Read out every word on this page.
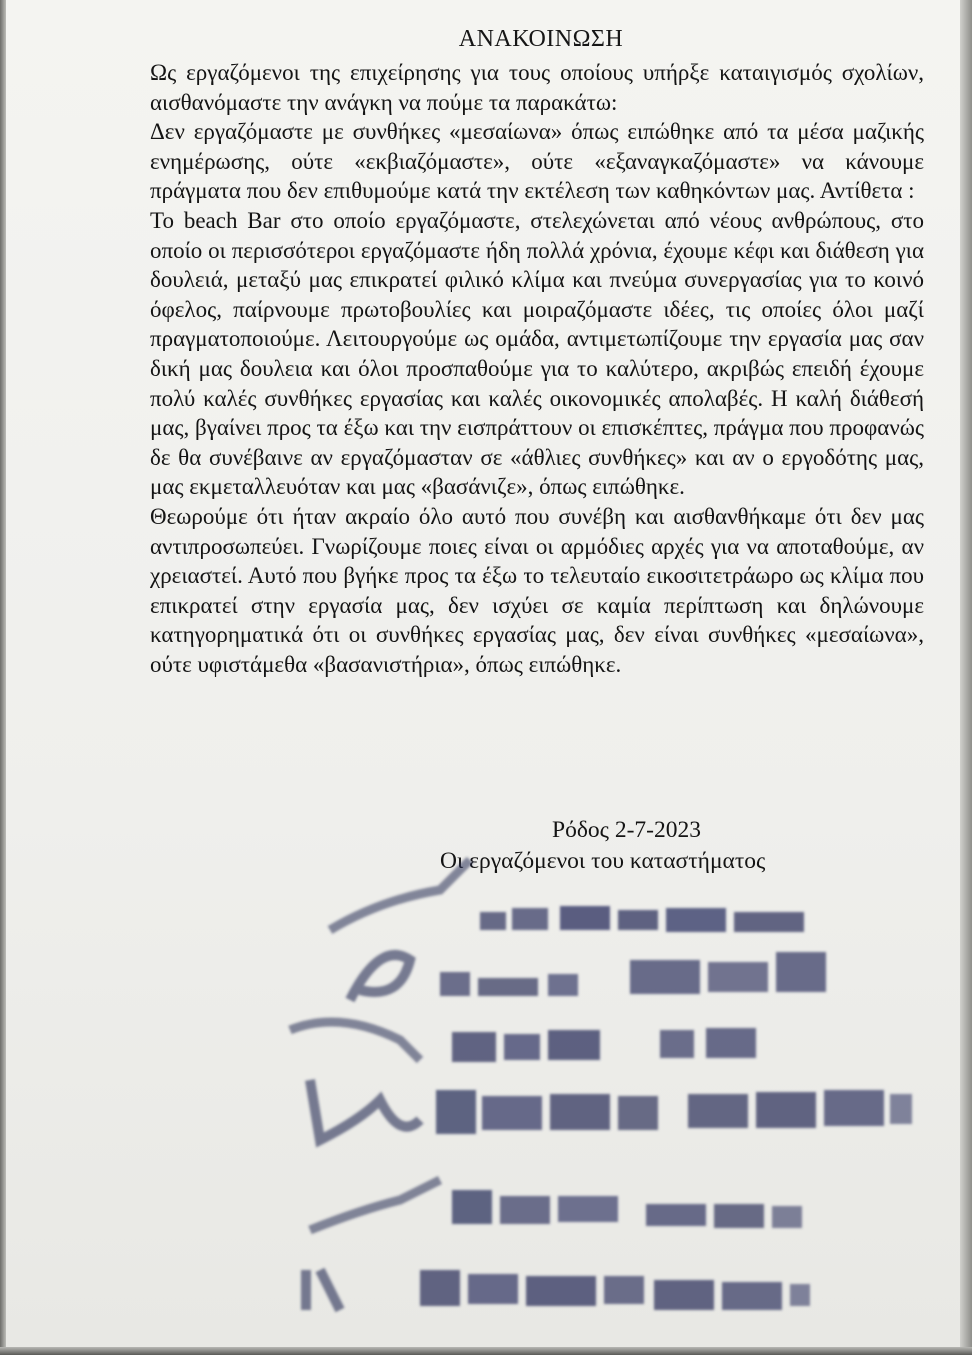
ΑΝΑΚΟΙΝΩΣΗ

Ως εργαζόμενοι της επιχείρησης για τους οποίους υπήρξε καταιγισμός σχολίων, αισθανόμαστε την ανάγκη να πούμε τα παρακάτω:

Δεν εργαζόμαστε με συνθήκες «μεσαίωνα» όπως ειπώθηκε από τα μέσα μαζικής ενημέρωσης, ούτε «εκβιαζόμαστε», ούτε «εξαναγκαζόμαστε» να κάνουμε πράγματα που δεν επιθυμούμε κατά την εκτέλεση των καθηκόντων μας. Αντίθετα :

Το beach Bar στο οποίο εργαζόμαστε, στελεχώνεται από νέους ανθρώπους, στο οποίο οι περισσότεροι εργαζόμαστε ήδη πολλά χρόνια, έχουμε κέφι και διάθεση για δουλειά, μεταξύ μας επικρατεί φιλικό κλίμα και πνεύμα συνεργασίας για το κοινό όφελος, παίρνουμε πρωτοβουλίες και μοιραζόμαστε ιδέες, τις οποίες όλοι μαζί πραγματοποιούμε. Λειτουργούμε ως ομάδα, αντιμετωπίζουμε την εργασία μας σαν δική μας δουλεια και όλοι προσπαθούμε για το καλύτερο, ακριβώς επειδή έχουμε πολύ καλές συνθήκες εργασίας και καλές οικονομικές απολαβές. Η καλή διάθεσή μας, βγαίνει προς τα έξω και την εισπράττουν οι επισκέπτες, πράγμα που προφανώς δε θα συνέβαινε αν εργαζόμασταν σε «άθλιες συνθήκες» και αν ο εργοδότης μας, μας εκμεταλλευόταν και μας «βασάνιζε», όπως ειπώθηκε.

Θεωρούμε ότι ήταν ακραίο όλο αυτό που συνέβη και αισθανθήκαμε ότι δεν μας αντιπροσωπεύει. Γνωρίζουμε ποιες είναι οι αρμόδιες αρχές για να αποταθούμε, αν χρειαστεί. Αυτό που βγήκε προς τα έξω το τελευταίο εικοσιτετράωρο ως κλίμα που επικρατεί στην εργασία μας, δεν ισχύει σε καμία περίπτωση και δηλώνουμε κατηγορηματικά ότι οι συνθήκες εργασίας μας, δεν είναι συνθήκες «μεσαίωνα», ούτε υφιστάμεθα «βασανιστήρια», όπως ειπώθηκε.

Ρόδος 2-7-2023
Οι εργαζόμενοι του καταστήματος
